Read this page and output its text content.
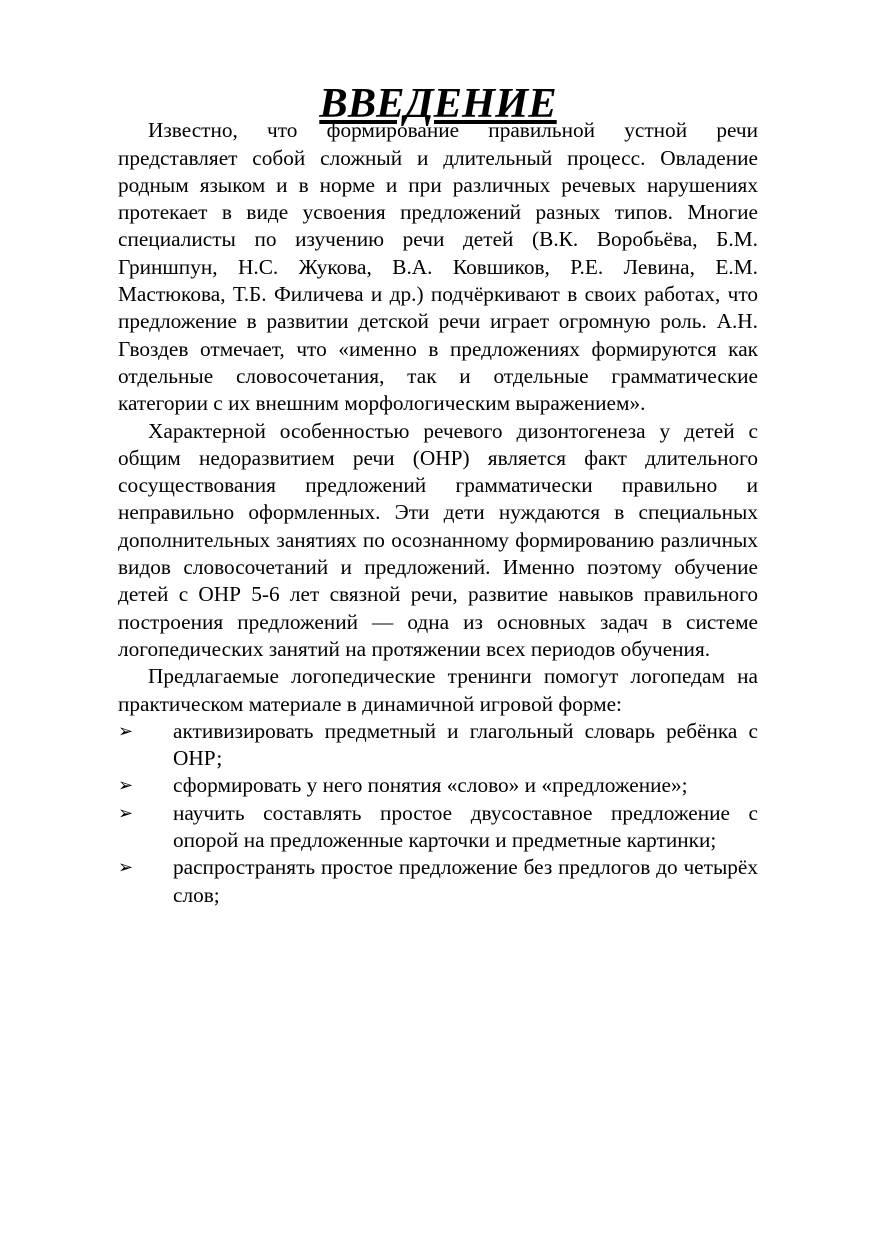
ВВЕДЕНИЕ

Известно, что формирование правильной устной речи представляет собой сложный и длительный процесс. Овладение родным языком и в норме и при различных речевых нарушениях протекает в виде усвоения предложений разных типов. Многие специалисты по изучению речи детей (В.К. Воробьёва, Б.М. Гриншпун, Н.С. Жукова, В.А. Ковшиков, Р.Е. Левина, Е.М. Мастюкова, Т.Б. Филичева и др.) подчёркивают в своих работах, что предложение в развитии детской речи играет огромную роль. А.Н. Гвоздев отмечает, что «именно в предложениях формируются как отдельные словосочетания, так и отдельные грамматические категории с их внешним морфологическим выражением».

Характерной особенностью речевого дизонтогенеза у детей с общим недоразвитием речи (ОНР) является факт длительного сосуществования предложений грамматически правильно и неправильно оформленных. Эти дети нуждаются в специальных дополнительных занятиях по осознанному формированию различных видов словосочетаний и предложений. Именно поэтому обучение детей с ОНР 5-6 лет связной речи, развитие навыков правильного построения предложений — одна из основных задач в системе логопедических занятий на протяжении всех периодов обучения.

Предлагаемые логопедические тренинги помогут логопедам на практическом материале в динамичной игровой форме:

➢ активизировать предметный и глагольный словарь ребёнка с ОНР;
➢ сформировать у него понятия «слово» и «предложение»;
➢ научить составлять простое двусоставное предложение с опорой на предложенные карточки и предметные картинки;
➢ распространять простое предложение без предлогов до четырёх слов;
